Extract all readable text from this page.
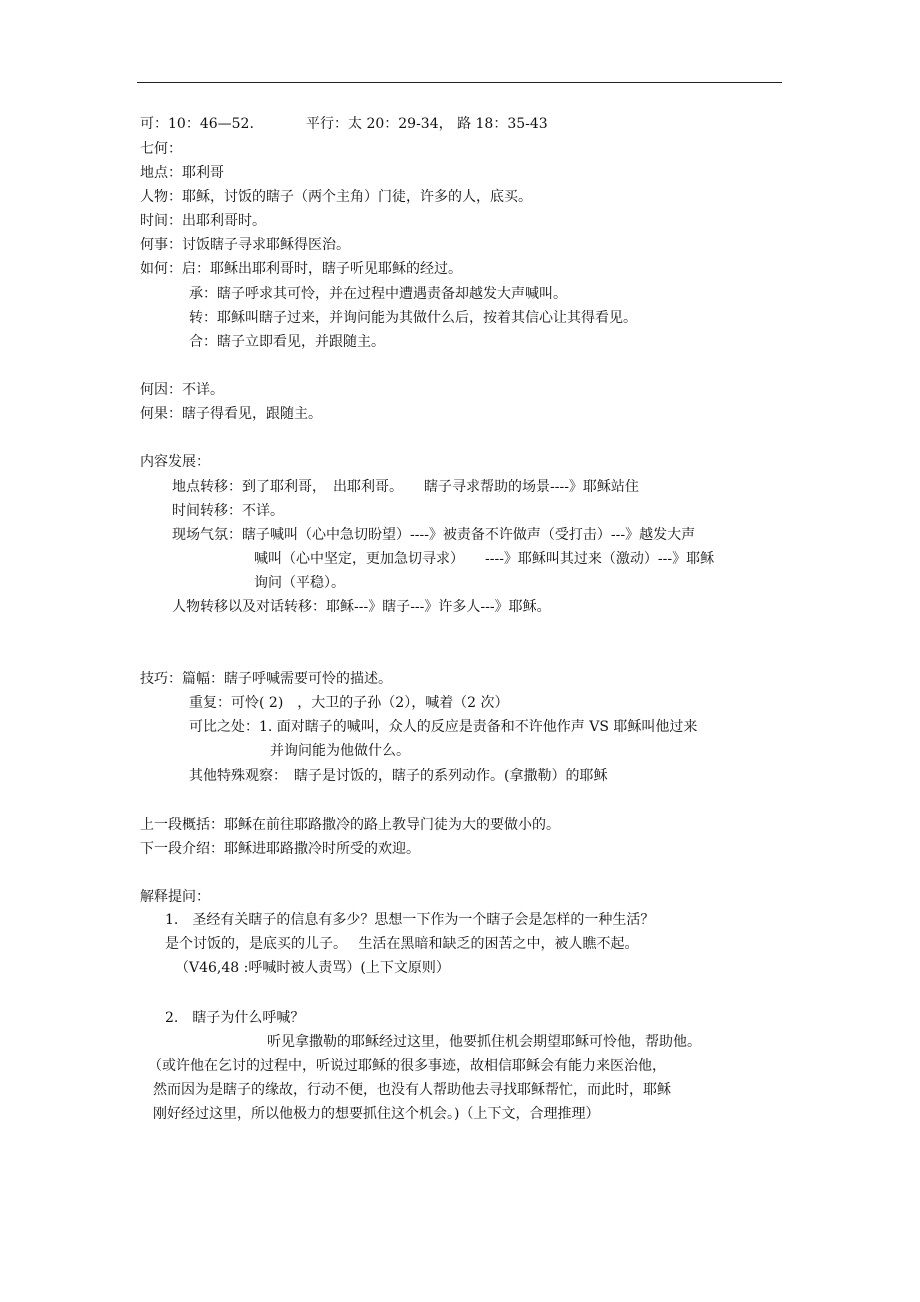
可：10：46—52.	平行：太 20：29-34， 路 18：35-43
七何：
地点：耶利哥
人物：耶稣，讨饭的瞎子（两个主角）门徒，许多的人，底买。
时间：出耶利哥时。
何事：讨饭瞎子寻求耶稣得医治。
如何：启：耶稣出耶利哥时，瞎子听见耶稣的经过。
承：瞎子呼求其可怜，并在过程中遭遇责备却越发大声喊叫。
转：耶稣叫瞎子过来，并询问能为其做什么后，按着其信心让其得看见。
合：瞎子立即看见，并跟随主。
何因：不详。
何果：瞎子得看见，跟随主。
内容发展：
地点转移：到了耶利哥，　出耶利哥。　　瞎子寻求帮助的场景----》耶稣站住
时间转移：不详。
现场气氛：瞎子喊叫（心中急切盼望）----》被责备不许做声（受打击）---》越发大声
喊叫（心中坚定，更加急切寻求）　　----》耶稣叫其过来（激动）---》耶稣
询问（平稳）。
人物转移以及对话转移：耶稣---》瞎子---》许多人---》耶稣。
技巧：篇幅：瞎子呼喊需要可怜的描述。
重复：可怜( 2)　，大卫的子孙（2），喊着（2 次）
可比之处：1. 面对瞎子的喊叫，众人的反应是责备和不许他作声 VS 耶稣叫他过来
并询问能为他做什么。
其他特殊观察：　瞎子是讨饭的，瞎子的系列动作。(拿撒勒）的耶稣
上一段概括：耶稣在前往耶路撒冷的路上教导门徒为大的要做小的。
下一段介绍：耶稣进耶路撒冷时所受的欢迎。
解释提问：
1.　圣经有关瞎子的信息有多少？思想一下作为一个瞎子会是怎样的一种生活？
是个讨饭的，是底买的儿子。　 生活在黑暗和缺乏的困苦之中，被人瞧不起。
（V46,48 :呼喊时被人责骂）(上下文原则）
2.　瞎子为什么呼喊？
听见拿撒勒的耶稣经过这里，他要抓住机会期望耶稣可怜他，帮助他。
（或许他在乞讨的过程中，听说过耶稣的很多事迹，故相信耶稣会有能力来医治他，
然而因为是瞎子的缘故，行动不便，也没有人帮助他去寻找耶稣帮忙，而此时，耶稣
刚好经过这里，所以他极力的想要抓住这个机会。)（上下文，合理推理）
